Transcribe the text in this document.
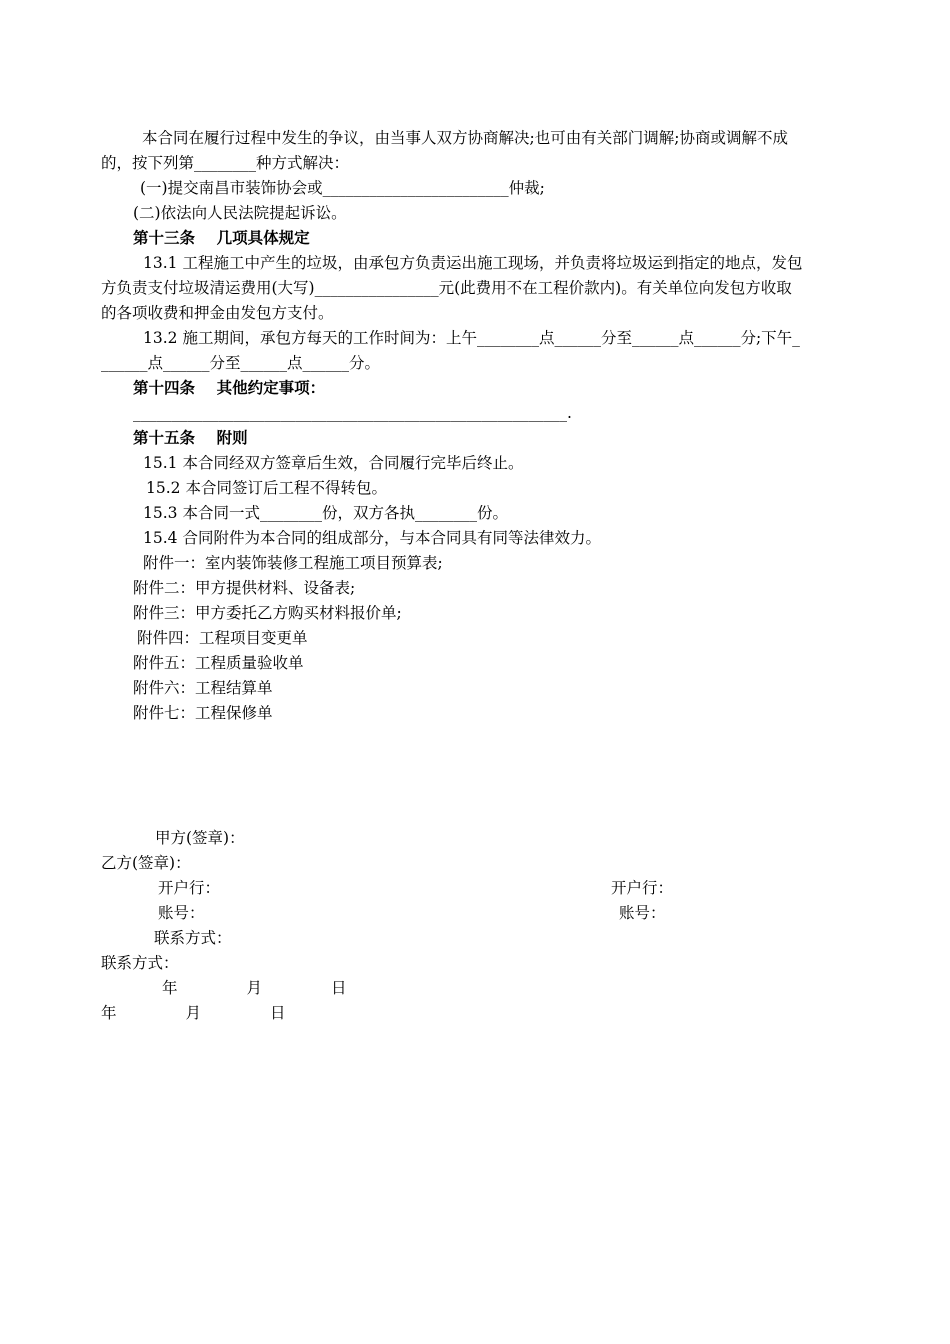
本合同在履行过程中发生的争议，由当事人双方协商解决;也可由有关部门调解;协商或调解不成
的，按下列第________种方式解决：
(一)提交南昌市装饰协会或________________________仲裁;
(二)依法向人民法院提起诉讼。
第十三条    几项具体规定
13.1 工程施工中产生的垃圾，由承包方负责运出施工现场，并负责将垃圾运到指定的地点，发包
方负责支付垃圾清运费用(大写)________________元(此费用不在工程价款内)。有关单位向发包方收取
的各项收费和押金由发包方支付。
13.2 施工期间，承包方每天的工作时间为：上午________点______分至______点______分;下午_
______点______分至______点______分。
第十四条    其他约定事项：
________________________________________________________.
第十五条    附则
15.1 本合同经双方签章后生效，合同履行完毕后终止。
15.2 本合同签订后工程不得转包。
15.3 本合同一式________份，双方各执________份。
15.4 合同附件为本合同的组成部分，与本合同具有同等法律效力。
附件一：室内装饰装修工程施工项目预算表;
附件二：甲方提供材料、设备表;
附件三：甲方委托乙方购买材料报价单;
附件四：工程项目变更单
附件五：工程质量验收单
附件六：工程结算单
附件七：工程保修单
甲方(签章)：
乙方(签章)：
开户行：	开户行：
账号：	账号：
联系方式：
联系方式：
年              月              日
年              月              日
